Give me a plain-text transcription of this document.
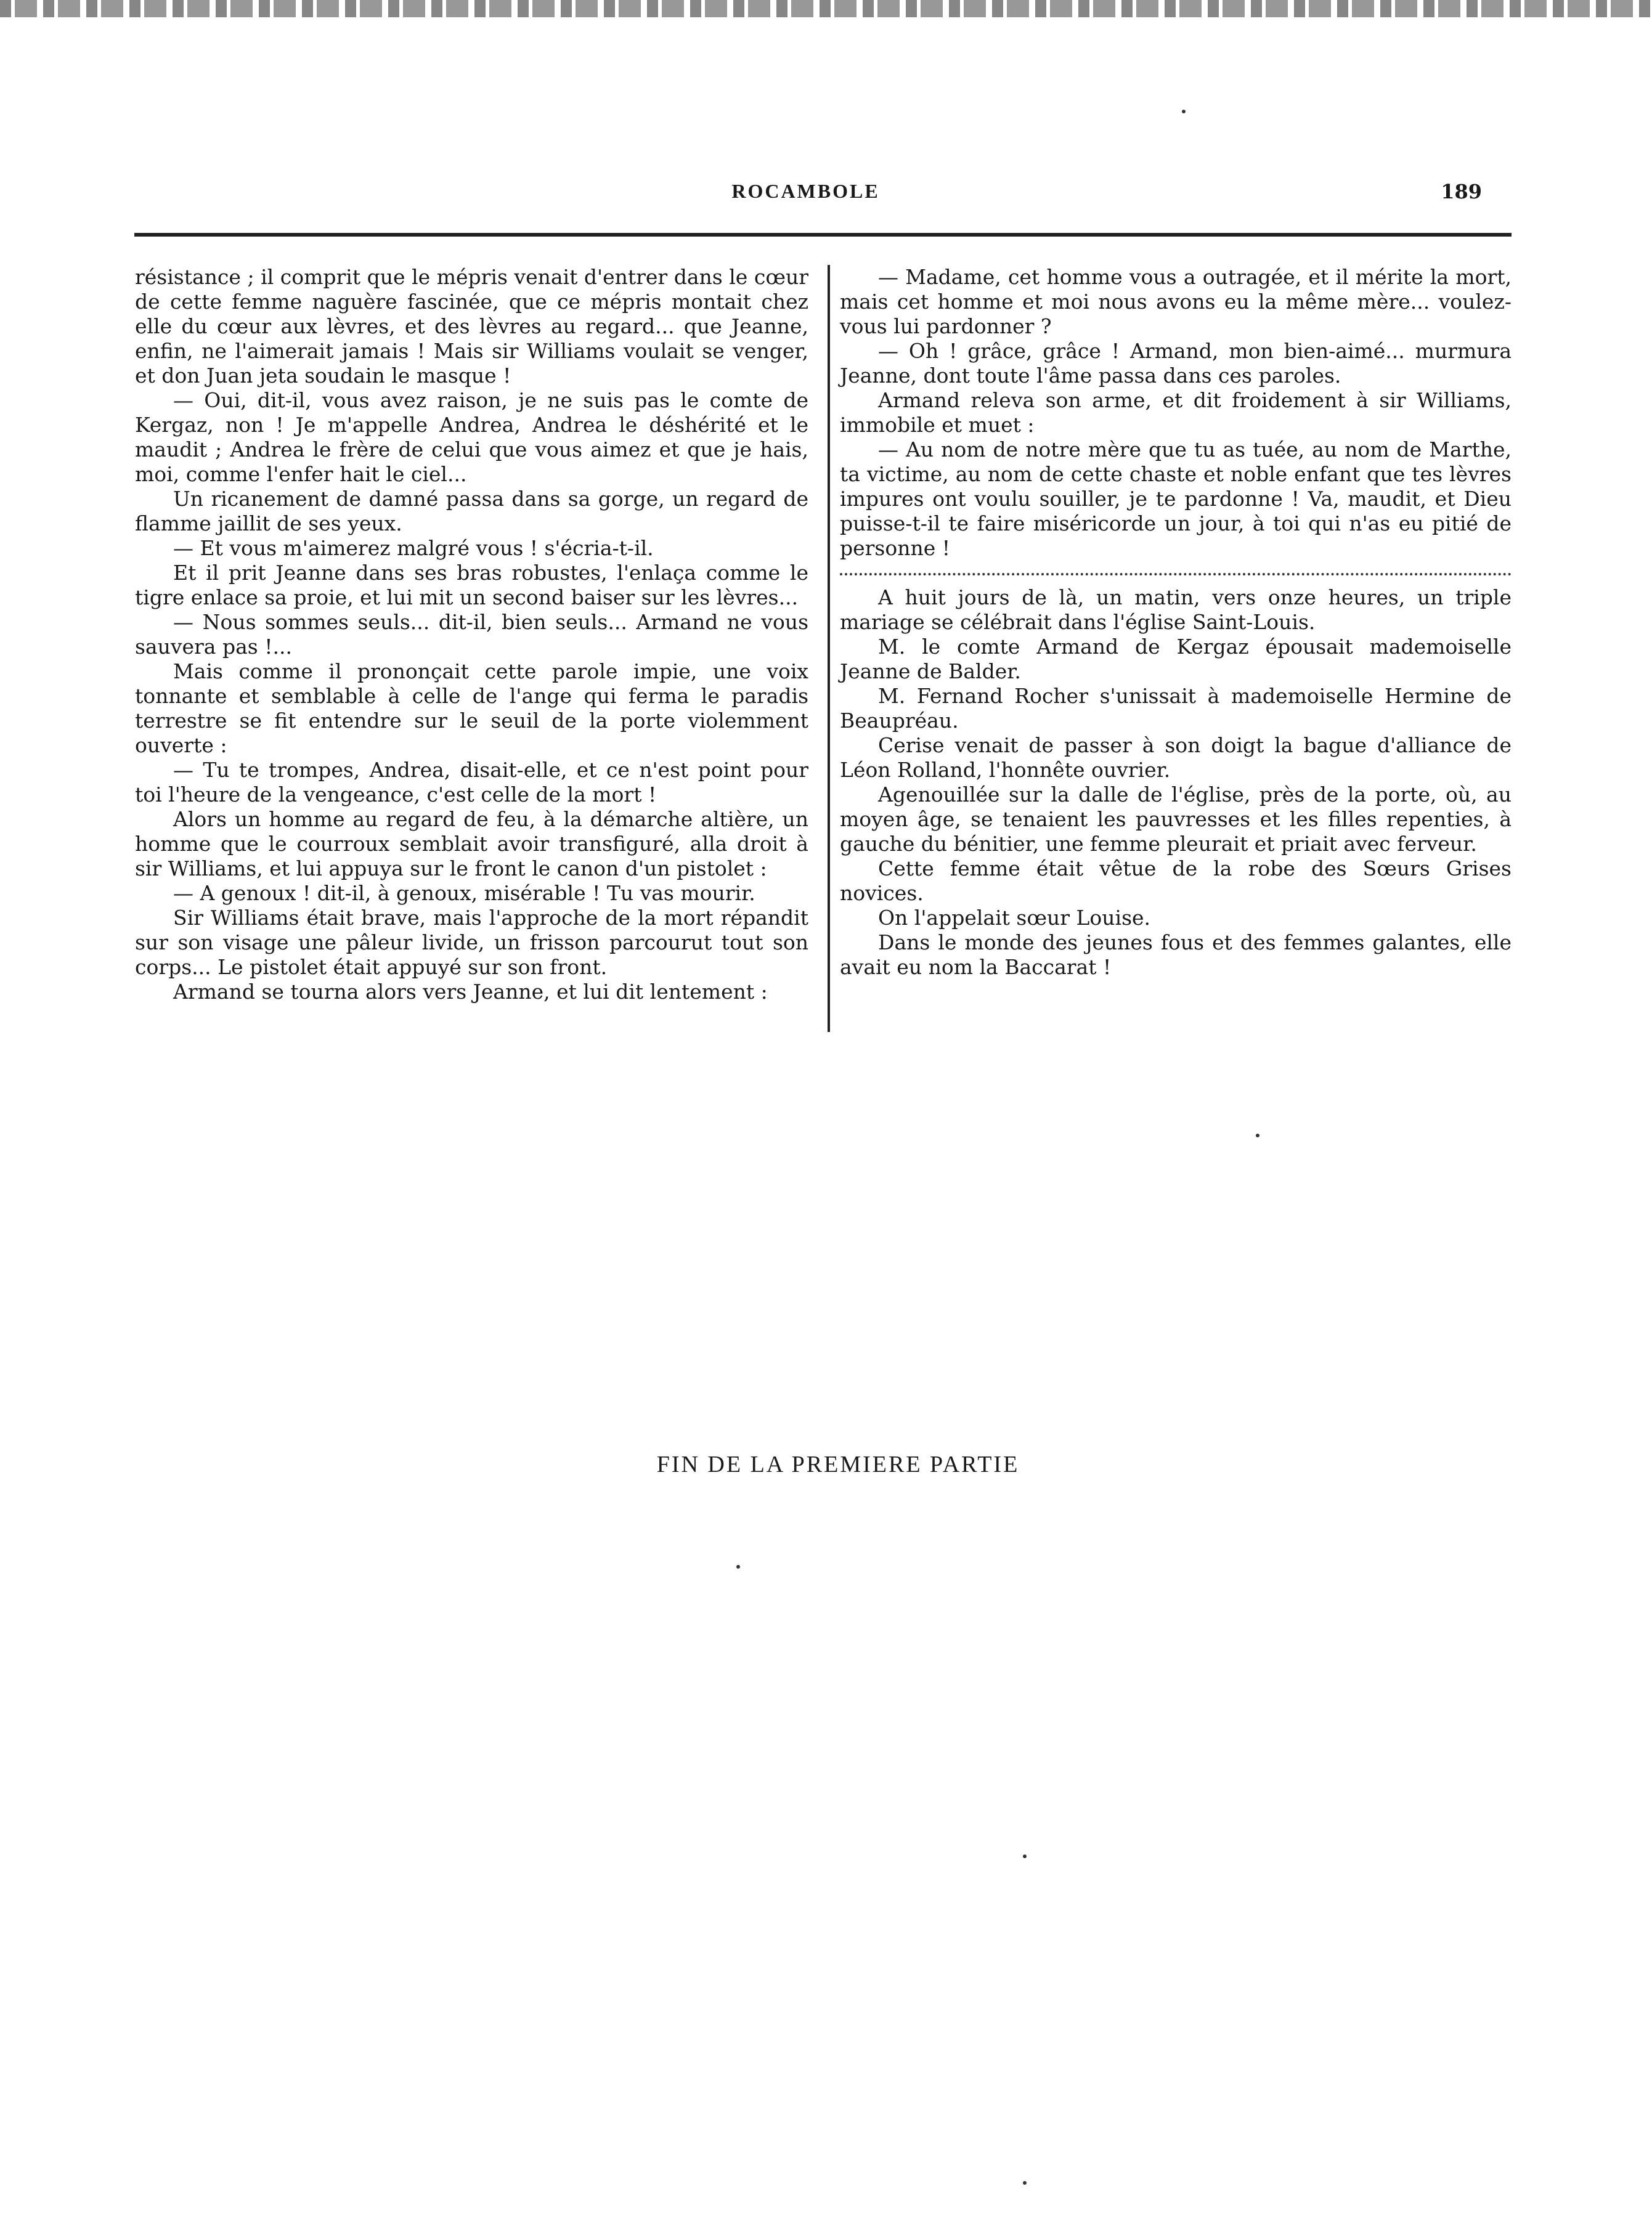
ROCAMBOLE	189

résistance ; il comprit que le mépris venait d'entrer dans le cœur de cette femme naguère fascinée, que ce mépris montait chez elle du cœur aux lèvres, et des lèvres au regard... que Jeanne, enfin, ne l'aimerait jamais ! Mais sir Williams voulait se venger, et don Juan jeta soudain le masque !

— Oui, dit-il, vous avez raison, je ne suis pas le comte de Kergaz, non ! Je m'appelle Andrea, Andrea le déshérité et le maudit ; Andrea le frère de celui que vous aimez et que je hais, moi, comme l'enfer hait le ciel...

Un ricanement de damné passa dans sa gorge, un regard de flamme jaillit de ses yeux.

— Et vous m'aimerez malgré vous ! s'écria-t-il.

Et il prit Jeanne dans ses bras robustes, l'enlaça comme le tigre enlace sa proie, et lui mit un second baiser sur les lèvres...

— Nous sommes seuls... dit-il, bien seuls... Armand ne vous sauvera pas !...

Mais comme il prononçait cette parole impie, une voix tonnante et semblable à celle de l'ange qui ferma le paradis terrestre se fit entendre sur le seuil de la porte violemment ouverte :

— Tu te trompes, Andrea, disait-elle, et ce n'est point pour toi l'heure de la vengeance, c'est celle de la mort !

Alors un homme au regard de feu, à la démarche altière, un homme que le courroux semblait avoir transfiguré, alla droit à sir Williams, et lui appuya sur le front le canon d'un pistolet :

— A genoux ! dit-il, à genoux, misérable ! Tu vas mourir.

Sir Williams était brave, mais l'approche de la mort répandit sur son visage une pâleur livide, un frisson parcourut tout son corps... Le pistolet était appuyé sur son front.

Armand se tourna alors vers Jeanne, et lui dit lentement :

— Madame, cet homme vous a outragée, et il mérite la mort, mais cet homme et moi nous avons eu la même mère... voulez-vous lui pardonner ?

— Oh ! grâce, grâce ! Armand, mon bien-aimé... murmura Jeanne, dont toute l'âme passa dans ces paroles.

Armand releva son arme, et dit froidement à sir Williams, immobile et muet :

— Au nom de notre mère que tu as tuée, au nom de Marthe, ta victime, au nom de cette chaste et noble enfant que tes lèvres impures ont voulu souiller, je te pardonne ! Va, maudit, et Dieu puisse-t-il te faire miséricorde un jour, à toi qui n'as eu pitié de personne !

A huit jours de là, un matin, vers onze heures, un triple mariage se célébrait dans l'église Saint-Louis.

M. le comte Armand de Kergaz épousait mademoiselle Jeanne de Balder.

M. Fernand Rocher s'unissait à mademoiselle Hermine de Beaupréau.

Cerise venait de passer à son doigt la bague d'alliance de Léon Rolland, l'honnête ouvrier.

Agenouillée sur la dalle de l'église, près de la porte, où, au moyen âge, se tenaient les pauvresses et les filles repenties, à gauche du bénitier, une femme pleurait et priait avec ferveur.

Cette femme était vêtue de la robe des Sœurs Grises novices.

On l'appelait sœur Louise.

Dans le monde des jeunes fous et des femmes galantes, elle avait eu nom la Baccarat !

FIN DE LA PREMIERE PARTIE
